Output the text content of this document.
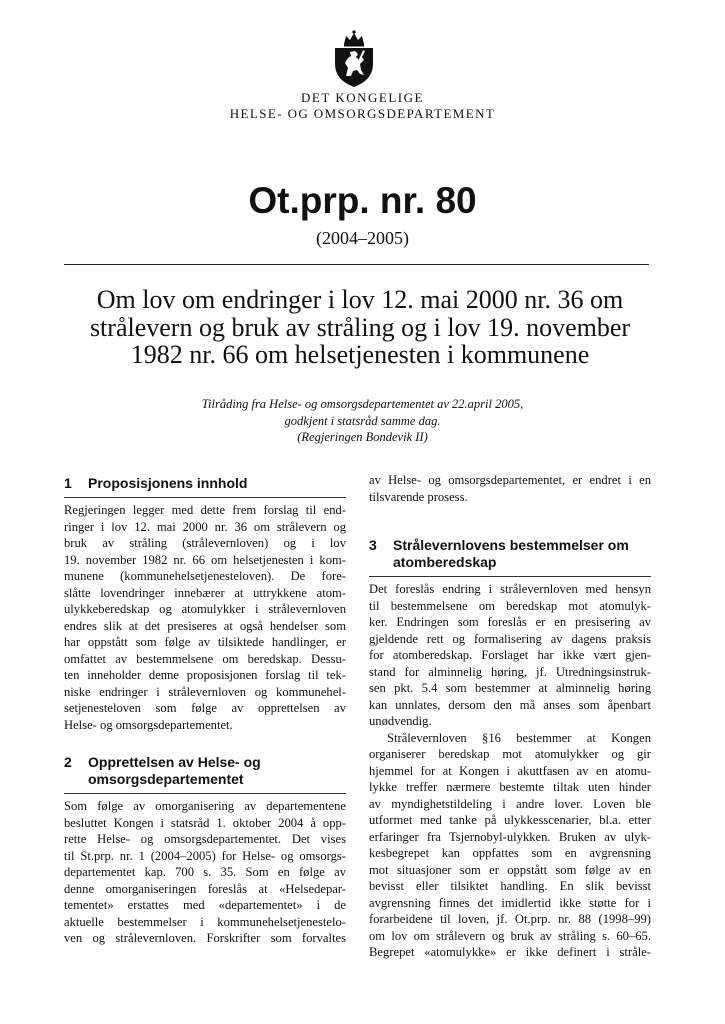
DET KONGELIGE
HELSE- OG OMSORGSDEPARTEMENT
Ot.prp. nr. 80
(2004–2005)
Om lov om endringer i lov 12. mai 2000 nr. 36 om
strålevern og bruk av stråling og i lov 19. november
1982 nr. 66 om helsetjenesten i kommunene
Tilråding fra Helse- og omsorgsdepartementet av 22.april 2005,
godkjent i statsråd samme dag.
(Regjeringen Bondevik II)
1 Proposisjonens innhold
Regjeringen legger med dette frem forslag til end-
ringer i lov 12. mai 2000 nr. 36 om strålevern og
bruk av stråling (strålevernloven) og i lov
19. november 1982 nr. 66 om helsetjenesten i kom-
munene (kommunehelsetjenesteloven). De fore-
slåtte lovendringer innebærer at uttrykkene atom-
ulykkeberedskap og atomulykker i strålevernloven
endres slik at det presiseres at også hendelser som
har oppstått som følge av tilsiktede handlinger, er
omfattet av bestemmelsene om beredskap. Dessu-
ten inneholder denne proposisjonen forslag til tek-
niske endringer i strålevernloven og kommunehel-
setjenesteloven som følge av opprettelsen av
Helse- og omsorgsdepartementet.
2 Opprettelsen av Helse- og
omsorgsdepartementet
Som følge av omorganisering av departementene
besluttet Kongen i statsråd 1. oktober 2004 å opp-
rette Helse- og omsorgsdepartementet. Det vises
til St.prp. nr. 1 (2004–2005) for Helse- og omsorgs-
departementet kap. 700 s. 35. Som en følge av
denne omorganiseringen foreslås at «Helsedepar-
tementet» erstattes med «departementet» i de
aktuelle bestemmelser i kommunehelsetjenestelo-
ven og strålevernloven. Forskrifter som forvaltes
av Helse- og omsorgsdepartementet, er endret i en
tilsvarende prosess.
3 Strålevernlovens bestemmelser om
atomberedskap
Det foreslås endring i strålevernloven med hensyn
til bestemmelsene om beredskap mot atomulyk-
ker. Endringen som foreslås er en presisering av
gjeldende rett og formalisering av dagens praksis
for atomberedskap. Forslaget har ikke vært gjen-
stand for alminnelig høring, jf. Utredningsinstruk-
sen pkt. 5.4 som bestemmer at alminnelig høring
kan unnlates, dersom den må anses som åpenbart
unødvendig.
Strålevernloven §16 bestemmer at Kongen
organiserer beredskap mot atomulykker og gir
hjemmel for at Kongen i akuttfasen av en atomu-
lykke treffer nærmere bestemte tiltak uten hinder
av myndighetstildeling i andre lover. Loven ble
utformet med tanke på ulykkesscenarier, bl.a. etter
erfaringer fra Tsjernobyl-ulykken. Bruken av ulyk-
kesbegrepet kan oppfattes som en avgrensning
mot situasjoner som er oppstått som følge av en
bevisst eller tilsiktet handling. En slik bevisst
avgrensning finnes det imidlertid ikke støtte for i
forarbeidene til loven, jf. Ot.prp. nr. 88 (1998–99)
om lov om strålevern og bruk av stråling s. 60–65.
Begrepet «atomulykke» er ikke definert i stråle-
